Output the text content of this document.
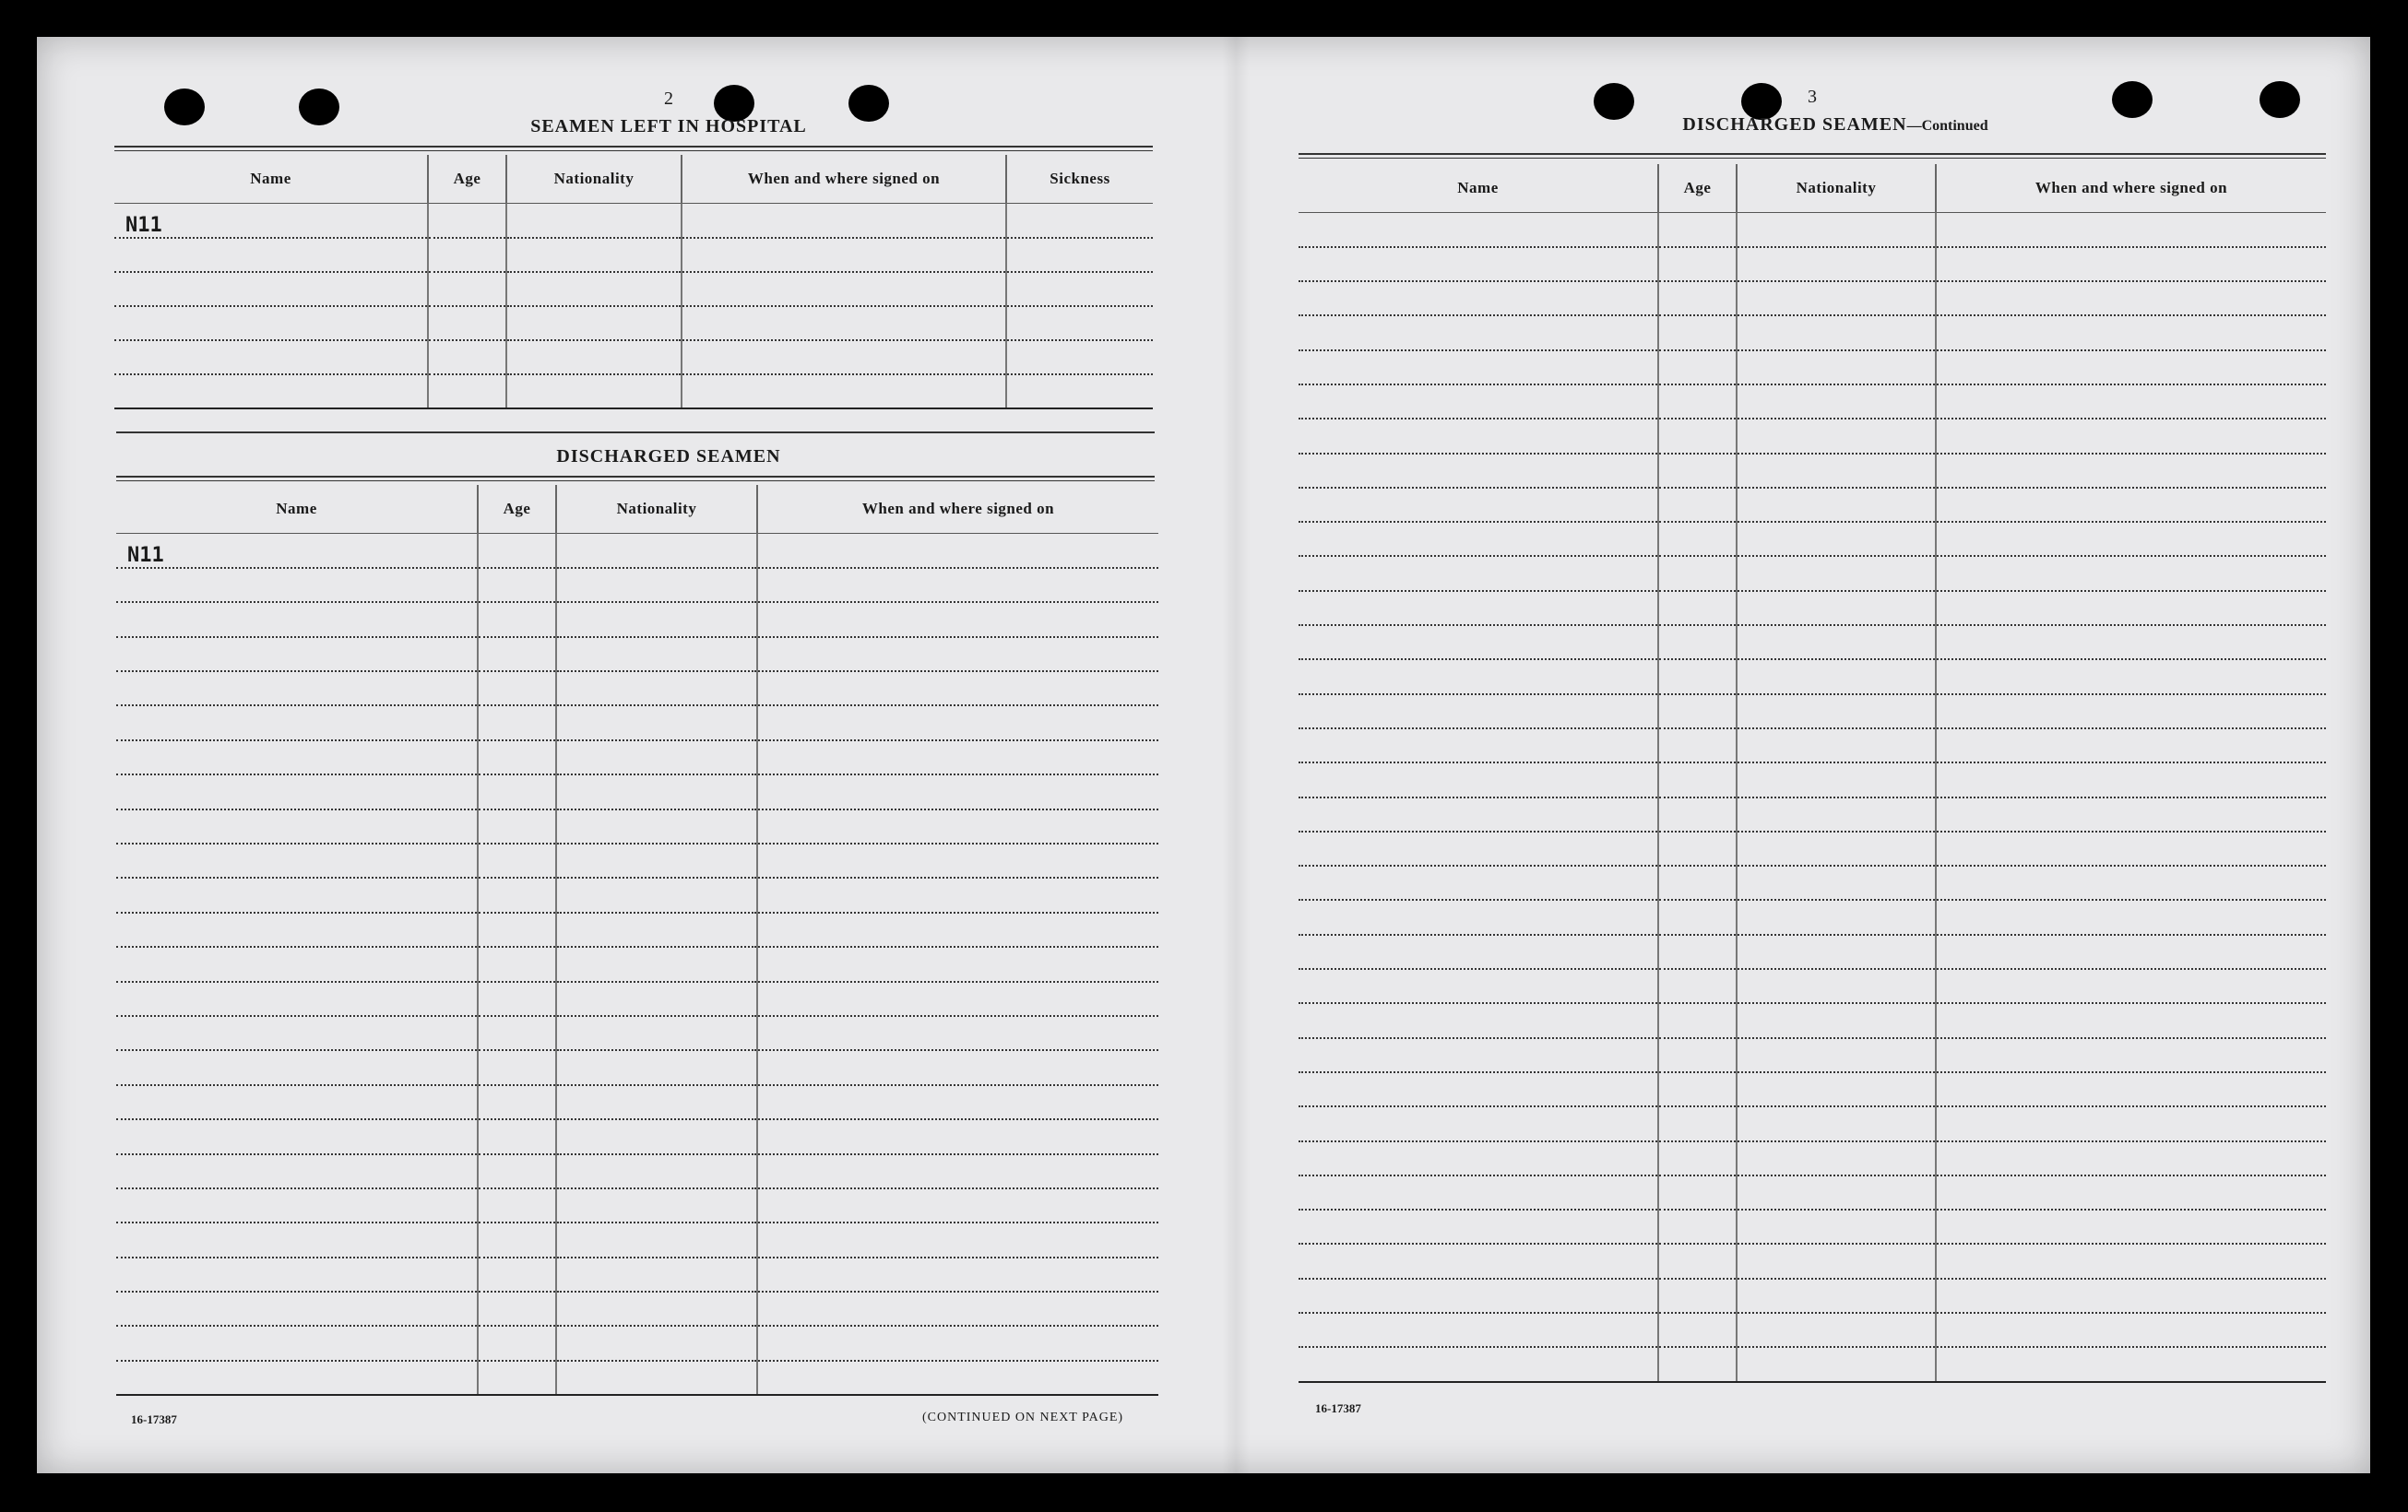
2
SEAMEN LEFT IN HOSPITAL
Name	Age	Nationality	When and where signed on	Sickness
N11				

DISCHARGED SEAMEN
Name	Age	Nationality	When and where signed on
N11			

16-17387	(CONTINUED ON NEXT PAGE)
3
DISCHARGED SEAMEN—Continued
Name	Age	Nationality	When and where signed on

16-17387
